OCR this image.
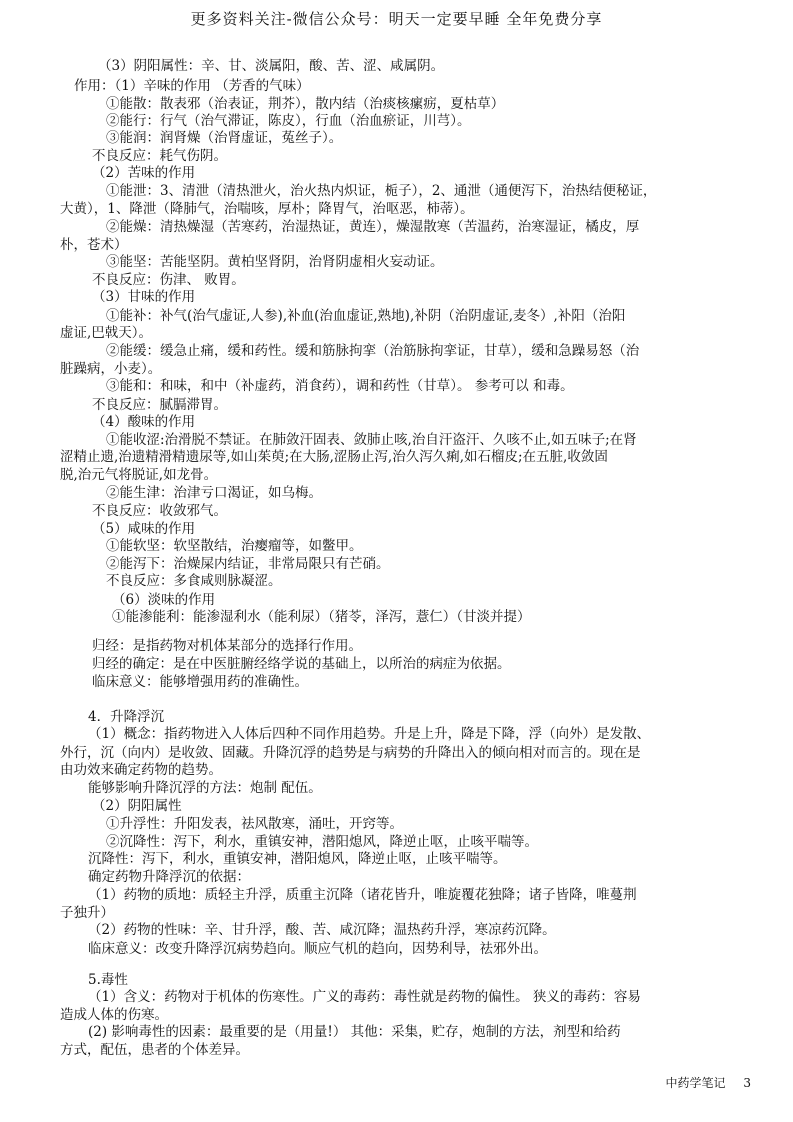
更多资料关注-微信公众号：明天一定要早睡 全年免费分享
（3）阴阳属性：辛、甘、淡属阳，酸、苦、涩、咸属阴。
作用：（1）辛味的作用 （芳香的气味）
①能散：散表邪（治表证，荆芥），散内结（治痰核瘰疬，夏枯草）
②能行：行气（治气滞证，陈皮），行血（治血瘀证，川芎）。
③能润：润肾燥（治肾虚证，菟丝子）。
不良反应：耗气伤阴。
（2）苦味的作用
①能泄：3、清泄（清热泄火，治火热内炽证，栀子），2、通泄（通便泻下，治热结便秘证，
大黄），1、降泄（降肺气，治喘咳，厚朴；降胃气，治呕恶，柿蒂）。
②能燥：清热燥湿（苦寒药，治湿热证，黄连），燥湿散寒（苦温药，治寒湿证，橘皮，厚
朴，苍术）
③能坚：苦能坚阴。黄柏坚肾阴，治肾阴虚相火妄动证。
不良反应：伤津、 败胃。
（3）甘味的作用
①能补：补气(治气虚证,人参),补血(治血虚证,熟地),补阴（治阴虚证,麦冬）,补阳（治阳
虚证,巴戟天）。
②能缓：缓急止痛，缓和药性。缓和筋脉拘挛（治筋脉拘挛证，甘草），缓和急躁易怒（治
脏躁病，小麦）。
③能和：和味，和中（补虚药，消食药），调和药性（甘草）。 参考可以 和毒。
不良反应：腻膈滞胃。
（4）酸味的作用
①能收涩:治滑脱不禁证。在肺敛汗固表、敛肺止咳,治自汗盗汗、久咳不止,如五味子;在肾
涩精止遗,治遗精滑精遗尿等,如山茱萸;在大肠,涩肠止泻,治久泻久痢,如石榴皮;在五脏,收敛固
脱,治元气将脱证,如龙骨。
②能生津：治津亏口渴证，如乌梅。
不良反应：收敛邪气。
（5）咸味的作用
①能软坚：软坚散结，治瘿瘤等，如鳖甲。
②能泻下：治燥屎内结证，非常局限只有芒硝。
不良反应：多食咸则脉凝涩。
（6）淡味的作用
①能渗能利：能渗湿利水（能利尿）（猪苓，泽泻，薏仁）（甘淡并提）
归经：是指药物对机体某部分的选择行作用。
归经的确定：是在中医脏腑经络学说的基础上，以所治的病症为依据。
临床意义：能够增强用药的准确性。
4．升降浮沉
（1）概念：指药物进入人体后四种不同作用趋势。升是上升，降是下降，浮（向外）是发散、
外行，沉（向内）是收敛、固藏。升降沉浮的趋势是与病势的升降出入的倾向相对而言的。现在是
由功效来确定药物的趋势。
能够影响升降沉浮的方法：炮制 配伍。
（2）阴阳属性
①升浮性：升阳发表，祛风散寒，涌吐，开窍等。
②沉降性：泻下，利水，重镇安神，潜阳熄风，降逆止呕，止咳平喘等。
沉降性：泻下，利水，重镇安神，潜阳熄风，降逆止呕，止咳平喘等。
确定药物升降浮沉的依据：
（1）药物的质地：质轻主升浮，质重主沉降（诸花皆升，唯旋覆花独降；诸子皆降，唯蔓荆
子独升）
（2）药物的性味：辛、甘升浮，酸、苦、咸沉降；温热药升浮，寒凉药沉降。
临床意义：改变升降浮沉病势趋向。顺应气机的趋向，因势利导，祛邪外出。
5.毒性
（1）含义：药物对于机体的伤寒性。广义的毒药：毒性就是药物的偏性。 狭义的毒药：容易
造成人体的伤寒。
(2) 影响毒性的因素：最重要的是（用量!） 其他：采集，贮存，炮制的方法，剂型和给药
方式，配伍，患者的个体差异。
中药学笔记 3
